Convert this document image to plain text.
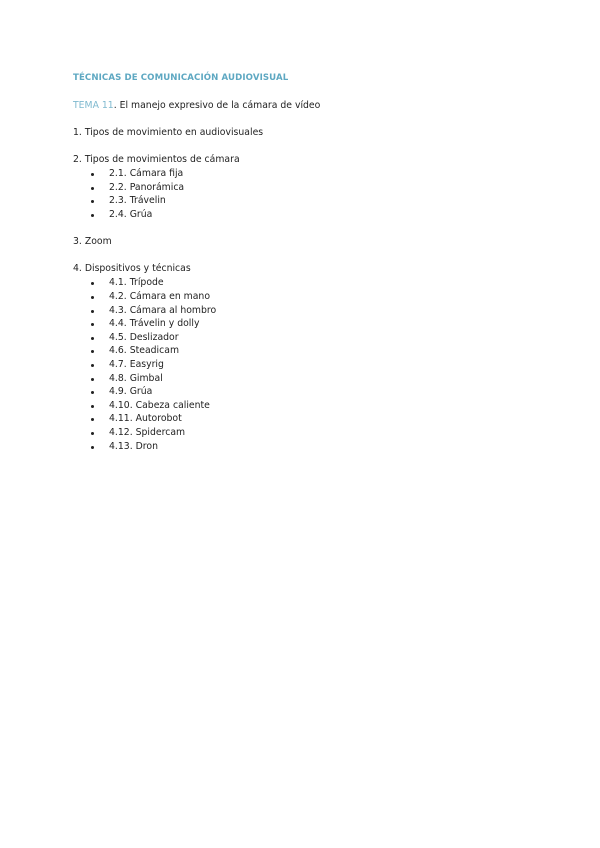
TÉCNICAS DE COMUNICACIÓN AUDIOVISUAL

TEMA 11. El manejo expresivo de la cámara de vídeo

1. Tipos de movimiento en audiovisuales

2. Tipos de movimientos de cámara

2.1. Cámara fija
2.2. Panorámica
2.3. Trávelin
2.4. Grúa

3. Zoom

4. Dispositivos y técnicas

4.1. Trípode
4.2. Cámara en mano
4.3. Cámara al hombro
4.4. Trávelin y dolly
4.5. Deslizador
4.6. Steadicam
4.7. Easyrig
4.8. Gimbal
4.9. Grúa
4.10. Cabeza caliente
4.11. Autorobot
4.12. Spidercam
4.13. Dron
